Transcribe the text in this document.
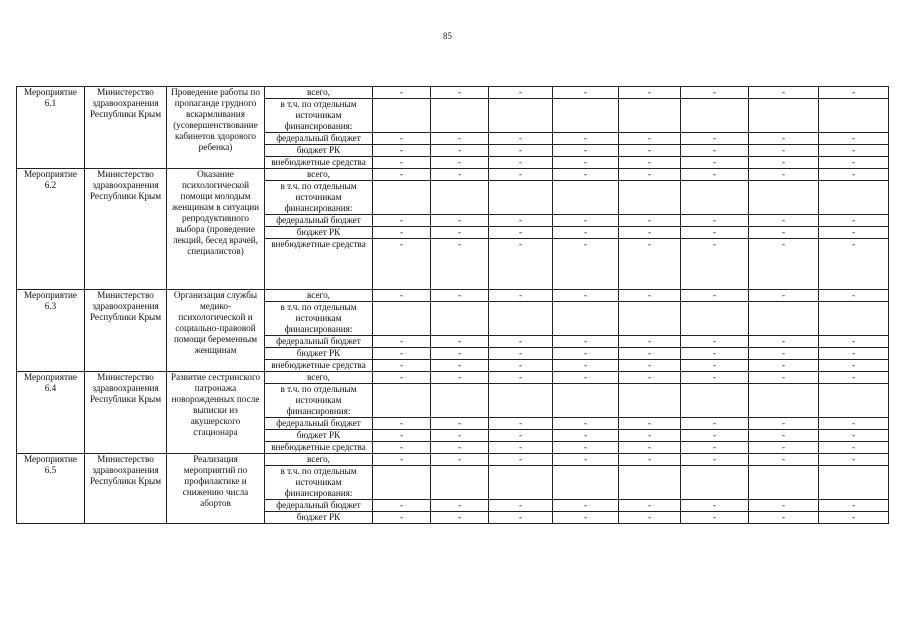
85
Мероприятие 6.1	Министерство здравоохранения Республики Крым	Проведение работы по пропаганде грудного вскармливания (усовершенствование кабинетов здорового ребенка)	всего,	-	-	-	-	-	-	-	-
			в т.ч. по отдельным источникам финансирования:								
			федеральный бюджет	-	-	-	-	-	-	-	-
			бюджет РК	-	-	-	-	-	-	-	-
			внебюджетные средства	-	-	-	-	-	-	-	-
Мероприятие 6.2	Министерство здравоохранения Республики Крым	Оказание психологической помощи молодым женщинам в ситуации репродуктивного выбора (проведение лекций, бесед врачей, специалистов)	всего,	-	-	-	-	-	-	-	-
			в т.ч. по отдельным источникам финансирования:								
			федеральный бюджет	-	-	-	-	-	-	-	-
			бюджет РК	-	-	-	-	-	-	-	-
			внебюджетные средства	-	-	-	-	-	-	-	-
Мероприятие 6.3	Министерство здравоохранения Республики Крым	Организация службы медико-психологической и социально-правовой помощи беременным женщинам	всего,	-	-	-	-	-	-	-	-
			в т.ч. по отдельным источникам финансирования:								
			федеральный бюджет	-	-	-	-	-	-	-	-
			бюджет РК	-	-	-	-	-	-	-	-
			внебюджетные средства	-	-	-	-	-	-	-	-
Мероприятие 6.4	Министерство здравоохранения Республики Крым	Развитие сестринского патронажа новорожденных после выписки из акушерского стационара	всего,	-	-	-	-	-	-	-	-
			в т.ч. по отдельным источникам финансировния:								
			федеральный бюджет	-	-	-	-	-	-	-	-
			бюджет РК	-	-	-	-	-	-	-	-
			внебюджетные средства	-	-	-	-	-	-	-	-
Мероприятие 6.5	Министерство здравоохранения Республики Крым	Реализация мероприятий по профилактике и снижению числа абортов	всего,	-	-	-	-	-	-	-	-
			в т.ч. по отдельным источникам финансирования:								
			федеральный бюджет	-	-	-	-	-	-	-	-
			бюджет РК	-	-	-	-	-	-	-	-
